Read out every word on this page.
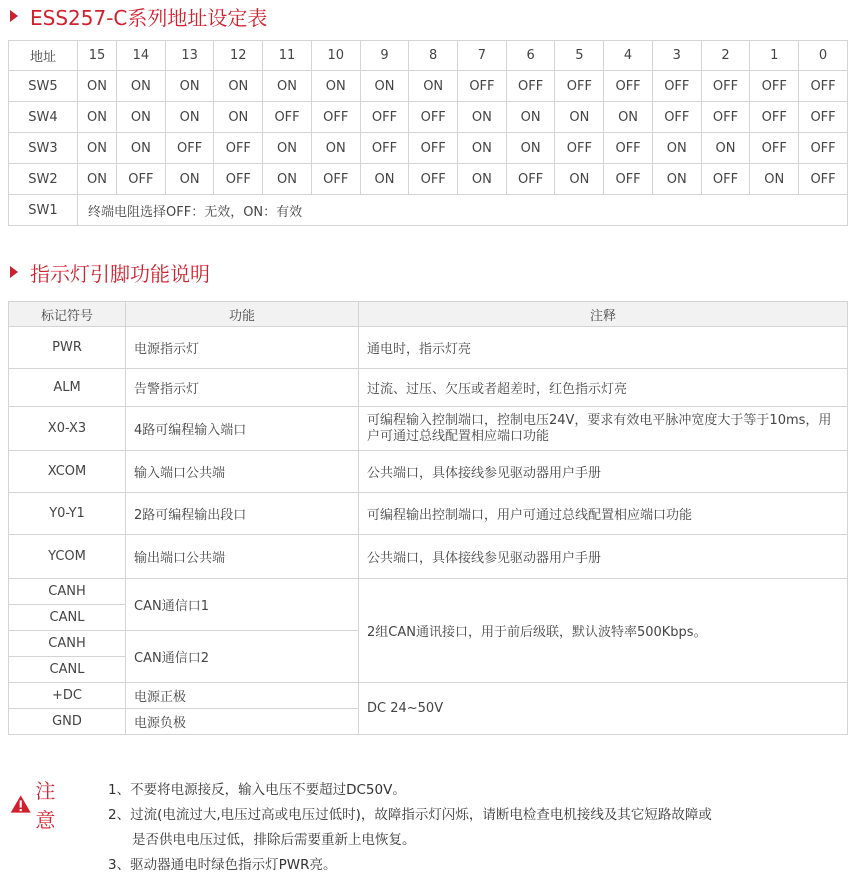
ESS257-C系列地址设定表
地址	15	14	13	12	11	10	9	8	7	6	5	4	3	2	1	0
SW5	ON	ON	ON	ON	ON	ON	ON	ON	OFF	OFF	OFF	OFF	OFF	OFF	OFF	OFF
SW4	ON	ON	ON	ON	OFF	OFF	OFF	OFF	ON	ON	ON	ON	OFF	OFF	OFF	OFF
SW3	ON	ON	OFF	OFF	ON	ON	OFF	OFF	ON	ON	OFF	OFF	ON	ON	OFF	OFF
SW2	ON	OFF	ON	OFF	ON	OFF	ON	OFF	ON	OFF	ON	OFF	ON	OFF	ON	OFF
SW1	终端电阻选择OFF：无效，ON：有效															
指示灯引脚功能说明
标记符号	功能	注释
PWR	电源指示灯	通电时，指示灯亮
ALM	告警指示灯	过流、过压、欠压或者超差时，红色指示灯亮
X0-X3	4路可编程输入端口	可编程输入控制端口，控制电压24V，要求有效电平脉冲宽度大于等于10ms，用户可通过总线配置相应端口功能
XCOM	输入端口公共端	公共端口，具体接线参见驱动器用户手册
Y0-Y1	2路可编程输出段口	可编程输出控制端口，用户可通过总线配置相应端口功能
YCOM	输出端口公共端	公共端口，具体接线参见驱动器用户手册
CANH	CAN通信口1	2组CAN通讯接口，用于前后级联，默认波特率500Kbps。
CANL		
CANH	CAN通信口2	
CANL		
+DC	电源正极	DC 24~50V
GND	电源负极	
注意
1、不要将电源接反，输入电压不要超过DC50V。
2、过流(电流过大,电压过高或电压过低时)，故障指示灯闪烁，请断电检查电机接线及其它短路故障或
是否供电电压过低，排除后需要重新上电恢复。
3、驱动器通电时绿色指示灯PWR亮。
